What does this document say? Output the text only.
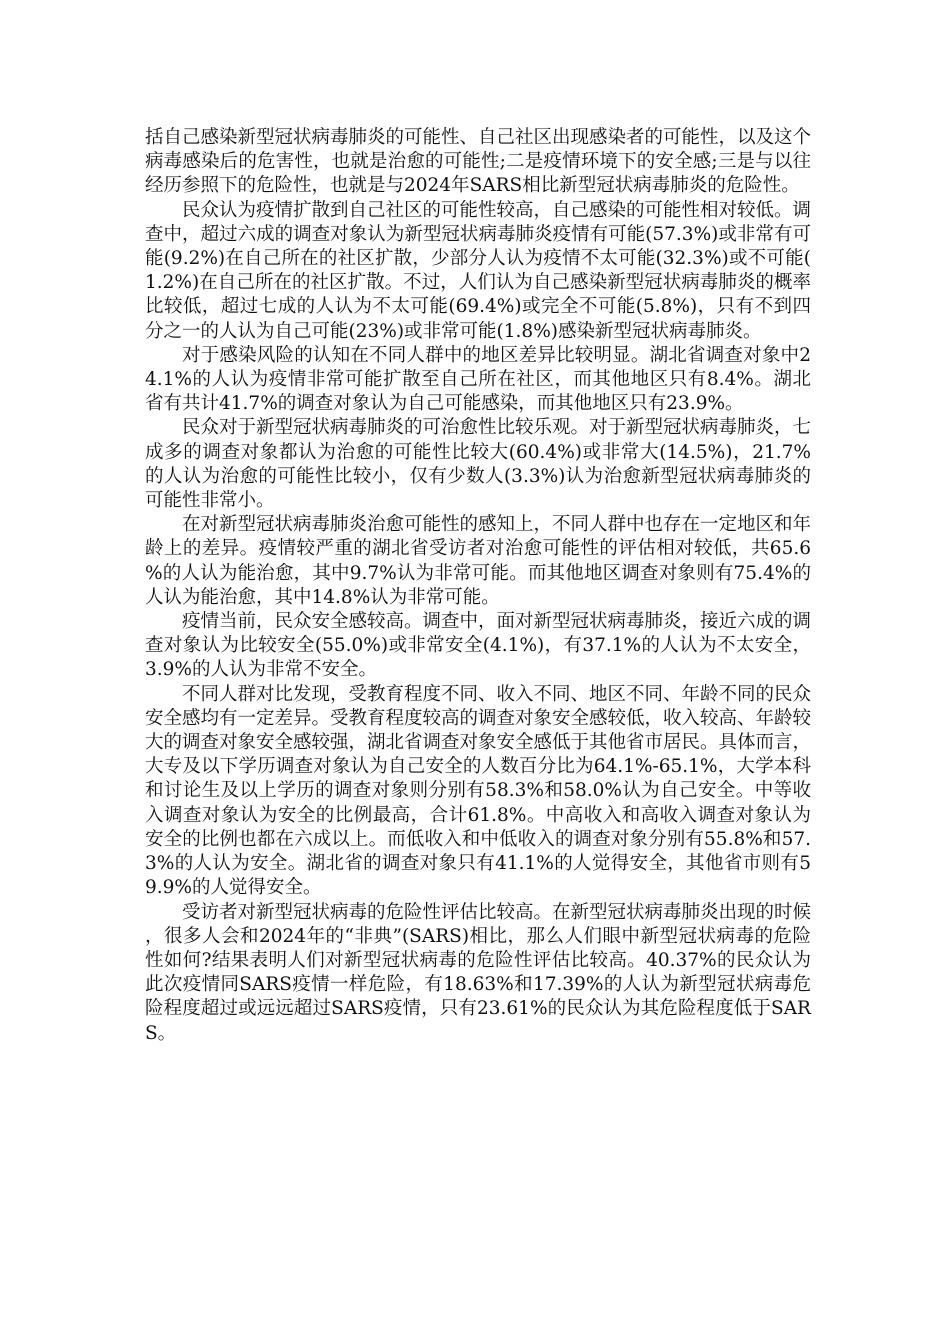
括自己感染新型冠状病毒肺炎的可能性、自己社区出现感染者的可能性，以及这个病毒感染后的危害性，也就是治愈的可能性;二是疫情环境下的安全感;三是与以往经历参照下的危险性，也就是与2024年SARS相比新型冠状病毒肺炎的危险性。

民众认为疫情扩散到自己社区的可能性较高，自己感染的可能性相对较低。调查中，超过六成的调查对象认为新型冠状病毒肺炎疫情有可能(57.3%)或非常有可能(9.2%)在自己所在的社区扩散，少部分人认为疫情不太可能(32.3%)或不可能(1.2%)在自己所在的社区扩散。不过，人们认为自己感染新型冠状病毒肺炎的概率比较低，超过七成的人认为不太可能(69.4%)或完全不可能(5.8%)，只有不到四分之一的人认为自己可能(23%)或非常可能(1.8%)感染新型冠状病毒肺炎。

对于感染风险的认知在不同人群中的地区差异比较明显。湖北省调查对象中24.1%的人认为疫情非常可能扩散至自己所在社区，而其他地区只有8.4%。湖北省有共计41.7%的调查对象认为自己可能感染，而其他地区只有23.9%。

民众对于新型冠状病毒肺炎的可治愈性比较乐观。对于新型冠状病毒肺炎，七成多的调查对象都认为治愈的可能性比较大(60.4%)或非常大(14.5%)，21.7%的人认为治愈的可能性比较小，仅有少数人(3.3%)认为治愈新型冠状病毒肺炎的可能性非常小。

在对新型冠状病毒肺炎治愈可能性的感知上，不同人群中也存在一定地区和年龄上的差异。疫情较严重的湖北省受访者对治愈可能性的评估相对较低，共65.6%的人认为能治愈，其中9.7%认为非常可能。而其他地区调查对象则有75.4%的人认为能治愈，其中14.8%认为非常可能。

疫情当前，民众安全感较高。调查中，面对新型冠状病毒肺炎，接近六成的调查对象认为比较安全(55.0%)或非常安全(4.1%)，有37.1%的人认为不太安全，3.9%的人认为非常不安全。

不同人群对比发现，受教育程度不同、收入不同、地区不同、年龄不同的民众安全感均有一定差异。受教育程度较高的调查对象安全感较低，收入较高、年龄较大的调查对象安全感较强，湖北省调查对象安全感低于其他省市居民。具体而言，大专及以下学历调查对象认为自己安全的人数百分比为64.1%-65.1%，大学本科和讨论生及以上学历的调查对象则分别有58.3%和58.0%认为自己安全。中等收入调查对象认为安全的比例最高，合计61.8%。中高收入和高收入调查对象认为安全的比例也都在六成以上。而低收入和中低收入的调查对象分别有55.8%和57.3%的人认为安全。湖北省的调查对象只有41.1%的人觉得安全，其他省市则有59.9%的人觉得安全。

受访者对新型冠状病毒的危险性评估比较高。在新型冠状病毒肺炎出现的时候，很多人会和2024年的“非典”(SARS)相比，那么人们眼中新型冠状病毒的危险性如何?结果表明人们对新型冠状病毒的危险性评估比较高。40.37%的民众认为此次疫情同SARS疫情一样危险，有18.63%和17.39%的人认为新型冠状病毒危险程度超过或远远超过SARS疫情，只有23.61%的民众认为其危险程度低于SARS。
